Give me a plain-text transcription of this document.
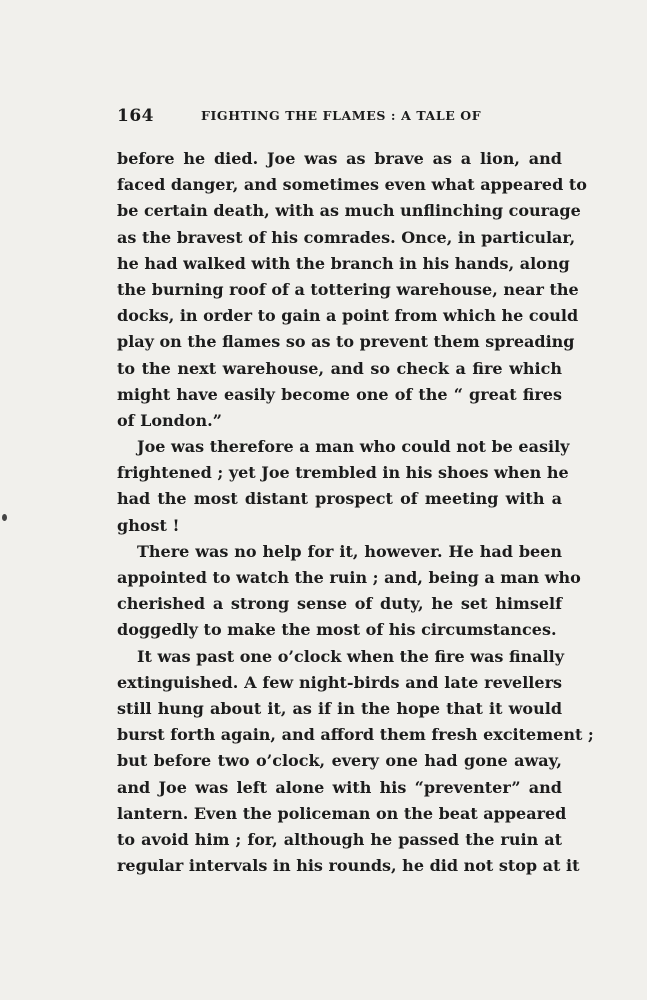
164	FIGHTING THE FLAMES : A TALE OF
before he died. Joe was as brave as a lion, and
faced danger, and sometimes even what appeared to
be certain death, with as much unflinching courage
as the bravest of his comrades. Once, in particular,
he had walked with the branch in his hands, along
the burning roof of a tottering warehouse, near the
docks, in order to gain a point from which he could
play on the flames so as to prevent them spreading
to the next warehouse, and so check a fire which
might have easily become one of the “ great fires
of London.”
Joe was therefore a man who could not be easily
frightened ; yet Joe trembled in his shoes when he
had the most distant prospect of meeting with a
ghost !
There was no help for it, however. He had been
appointed to watch the ruin ; and, being a man who
cherished a strong sense of duty, he set himself
doggedly to make the most of his circumstances.
It was past one o’clock when the fire was finally
extinguished. A few night-birds and late revellers
still hung about it, as if in the hope that it would
burst forth again, and afford them fresh excitement ;
but before two o’clock, every one had gone away,
and Joe was left alone with his “preventer” and
lantern. Even the policeman on the beat appeared
to avoid him ; for, although he passed the ruin at
regular intervals in his rounds, he did not stop at it
